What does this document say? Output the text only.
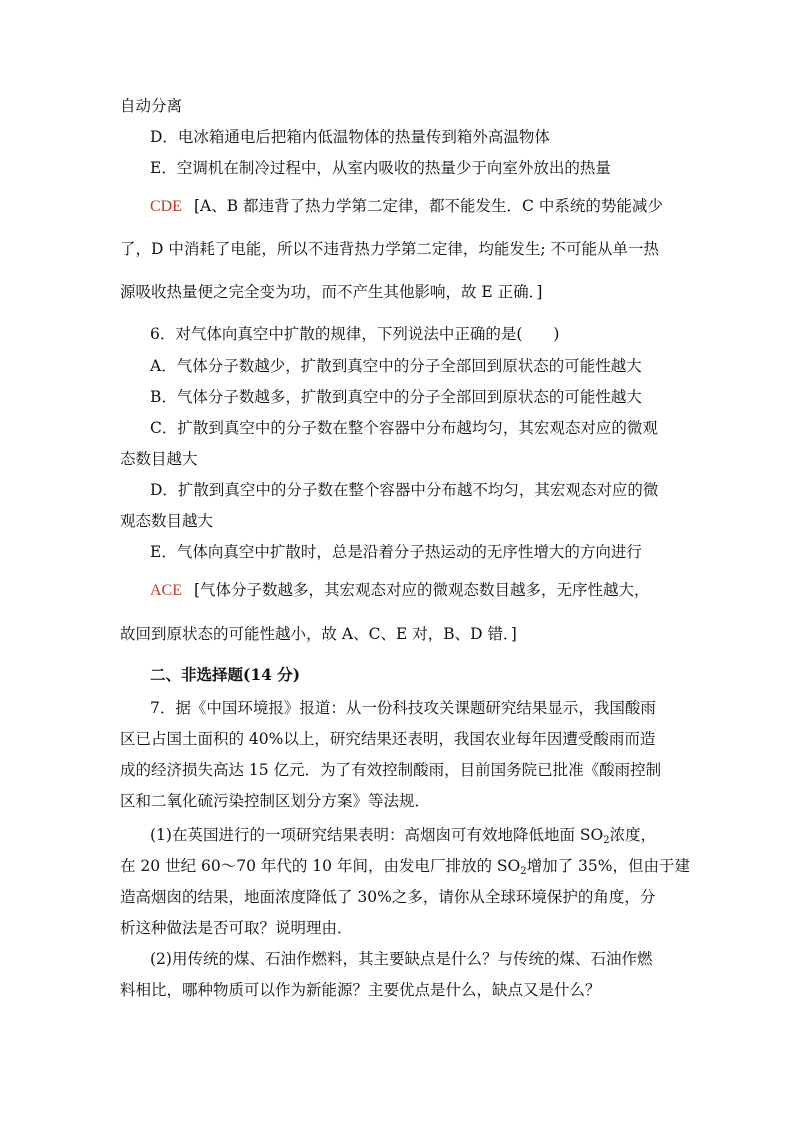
自动分离
D．电冰箱通电后把箱内低温物体的热量传到箱外高温物体
E．空调机在制冷过程中，从室内吸收的热量少于向室外放出的热量
CDE [A、B 都违背了热力学第二定律，都不能发生．C 中系统的势能减少
了，D 中消耗了电能，所以不违背热力学第二定律，均能发生; 不可能从单一热
源吸收热量便之完全变为功，而不产生其他影响，故 E 正确．]
6．对气体向真空中扩散的规律，下列说法中正确的是(　　)
A．气体分子数越少，扩散到真空中的分子全部回到原状态的可能性越大
B．气体分子数越多，扩散到真空中的分子全部回到原状态的可能性越大
C．扩散到真空中的分子数在整个容器中分布越均匀，其宏观态对应的微观
态数目越大
D．扩散到真空中的分子数在整个容器中分布越不均匀，其宏观态对应的微
观态数目越大
E．气体向真空中扩散时，总是沿着分子热运动的无序性增大的方向进行
ACE [气体分子数越多，其宏观态对应的微观态数目越多，无序性越大，
故回到原状态的可能性越小，故 A、C、E 对，B、D 错．]
二、非选择题(14 分)
7．据《中国环境报》报道：从一份科技攻关课题研究结果显示，我国酸雨
区已占国土面积的 40%以上，研究结果还表明，我国农业每年因遭受酸雨而造
成的经济损失高达 15 亿元．为了有效控制酸雨，目前国务院已批准《酸雨控制
区和二氧化硫污染控制区划分方案》等法规．
(1)在英国进行的一项研究结果表明：高烟囱可有效地降低地面 $SO_2$浓度，
在 20 世纪 60～70 年代的 10 年间，由发电厂排放的 $SO_2$增加了 35%，但由于建
造高烟囱的结果，地面浓度降低了 30%之多，请你从全球环境保护的角度，分
析这种做法是否可取？说明理由．
(2)用传统的煤、石油作燃料，其主要缺点是什么？与传统的煤、石油作燃
料相比，哪种物质可以作为新能源？主要优点是什么，缺点又是什么？
